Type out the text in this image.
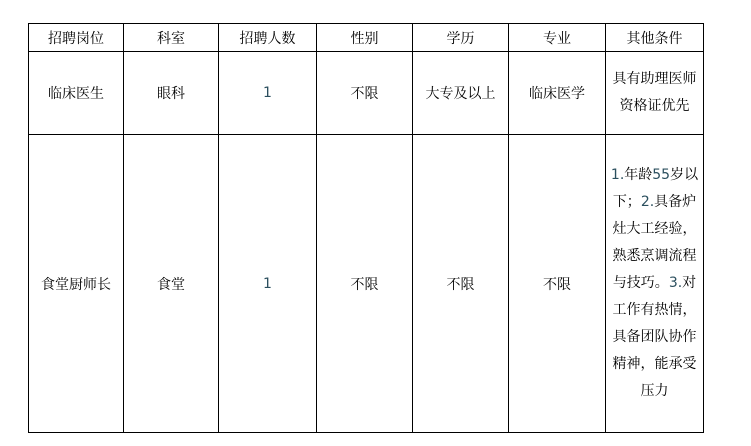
招聘岗位	科室	招聘人数	性别	学历	专业	其他条件
临床医生	眼科	1	不限	大专及以上	临床医学	具有助理医师资格证优先
食堂厨师长	食堂	1	不限	不限	不限	1.年龄55岁以下；2.具备炉灶大工经验，熟悉烹调流程与技巧。3.对工作有热情，具备团队协作精神，能承受压力
